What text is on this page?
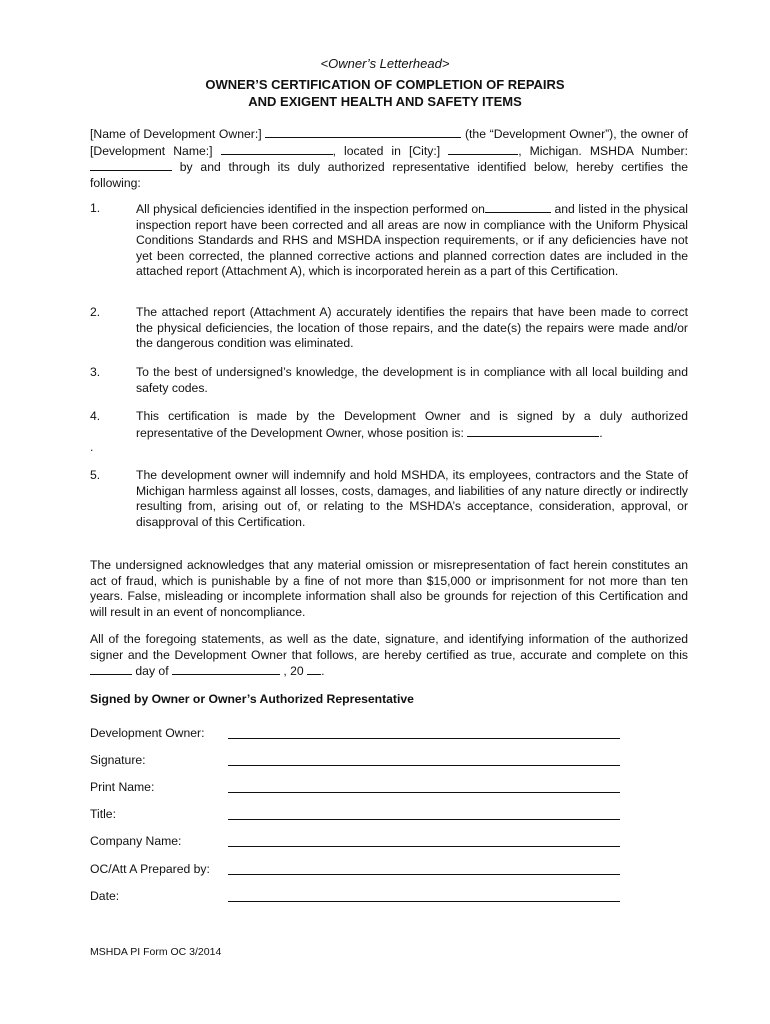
<Owner’s Letterhead>
OWNER’S CERTIFICATION OF COMPLETION OF REPAIRS
AND EXIGENT HEALTH AND SAFETY ITEMS
[Name of Development Owner:]	(the “Development Owner”), the owner of [Development Name:]	, located in [City:]	, Michigan. MSHDA Number:  by and through its duly authorized representative identified below, hereby certifies the following:
1.	All physical deficiencies identified in the inspection performed on	and listed in the physical inspection report have been corrected and all areas are now in compliance with the Uniform Physical Conditions Standards and RHS and MSHDA inspection requirements, or if any deficiencies have not yet been corrected, the planned corrective actions and planned correction dates are included in the attached report (Attachment A), which is incorporated herein as a part of this Certification.
2.	The attached report (Attachment A) accurately identifies the repairs that have been made to correct the physical deficiencies, the location of those repairs, and the date(s) the repairs were made and/or the dangerous condition was eliminated.
3.	To the best of undersigned’s knowledge, the development is in compliance with all local building and safety codes.
4.	This certification is made by the Development Owner and is signed by a duly authorized representative of the Development Owner, whose position is:	.
.
5.	The development owner will indemnify and hold MSHDA, its employees, contractors and the State of Michigan harmless against all losses, costs, damages, and liabilities of any nature directly or indirectly resulting from, arising out of, or relating to the MSHDA’s acceptance, consideration, approval, or disapproval of this Certification.
The undersigned acknowledges that any material omission or misrepresentation of fact herein constitutes an act of fraud, which is punishable by a fine of not more than $15,000 or imprisonment for not more than ten years. False, misleading or incomplete information shall also be grounds for rejection of this Certification and will result in an event of noncompliance.
All of the foregoing statements, as well as the date, signature, and identifying information of the authorized signer and the Development Owner that follows, are hereby certified as true, accurate and complete on this  day of	, 20 .
Signed by Owner or Owner’s Authorized Representative
Development Owner:
Signature:
Print Name:
Title:
Company Name:
OC/Att A Prepared by:
Date:
MSHDA PI Form OC 3/2014
